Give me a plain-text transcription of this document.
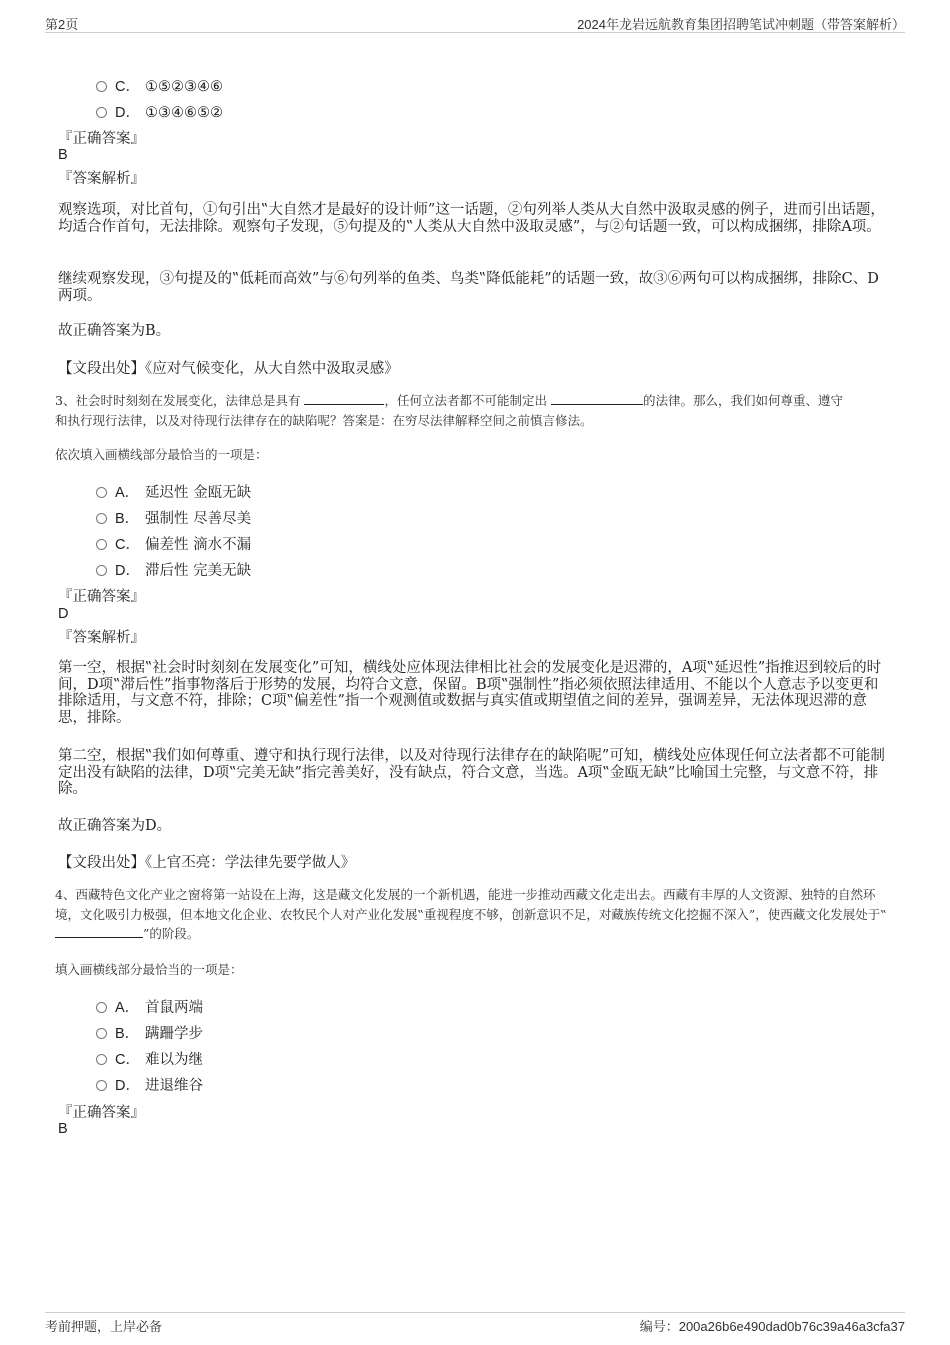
第2页	2024年龙岩远航教育集团招聘笔试冲刺题（带答案解析）
C． ①⑤②③④⑥
D． ①③④⑥⑤②
『正确答案』
B
『答案解析』
观察选项，对比首句，①句引出‟大自然才是最好的设计师”这一话题，②句列举人类从大自然中汲取灵感的例子，进而引出话题，均适合作首句，无法排除。观察句子发现，⑤句提及的‟人类从大自然中汲取灵感”，与②句话题一致，可以构成捆绑，排除A项。
继续观察发现，③句提及的‟低耗而高效”与⑥句列举的鱼类、鸟类‟降低能耗”的话题一致，故③⑥两句可以构成捆绑，排除C、D两项。
故正确答案为B。
【文段出处】《应对气候变化，从大自然中汲取灵感》
3、社会时时刻刻在发展变化，法律总是具有	，任何立法者都不可能制定出	的法律。那么，我们如何尊重、遵守
和执行现行法律，以及对待现行法律存在的缺陷呢？答案是：在穷尽法律解释空间之前慎言修法。
依次填入画横线部分最恰当的一项是：
A． 延迟性 金瓯无缺
B． 强制性 尽善尽美
C． 偏差性 滴水不漏
D． 滞后性 完美无缺
『正确答案』
D
『答案解析』
第一空，根据‟社会时时刻刻在发展变化”可知，横线处应体现法律相比社会的发展变化是迟滞的，A项‟延迟性”指推迟到较后的时间，D项‟滞后性”指事物落后于形势的发展，均符合文意，保留。B项‟强制性”指必须依照法律适用、不能以个人意志予以变更和排除适用，与文意不符，排除；C项‟偏差性”指一个观测值或数据与真实值或期望值之间的差异，强调差异，无法体现迟滞的意思，排除。
第二空，根据‟我们如何尊重、遵守和执行现行法律，以及对待现行法律存在的缺陷呢”可知，横线处应体现任何立法者都不可能制定出没有缺陷的法律，D项‟完美无缺”指完善美好，没有缺点，符合文意，当选。A项‟金瓯无缺”比喻国土完整，与文意不符，排除。
故正确答案为D。
【文段出处】《上官丕亮：学法律先要学做人》
4、西藏特色文化产业之窗将第一站设在上海，这是藏文化发展的一个新机遇，能进一步推动西藏文化走出去。西藏有丰厚的人文资源、独特的自然环境，文化吸引力极强，但本地文化企业、农牧民个人对产业化发展‟重视程度不够，创新意识不足，对藏族传统文化挖掘不深入”，使西藏文化发展处于‟”的阶段。
填入画横线部分最恰当的一项是：
A． 首鼠两端
B． 蹒跚学步
C． 难以为继
D． 进退维谷
『正确答案』
B
考前押题，上岸必备	编号：200a26b6e490dad0b76c39a46a3cfa37
